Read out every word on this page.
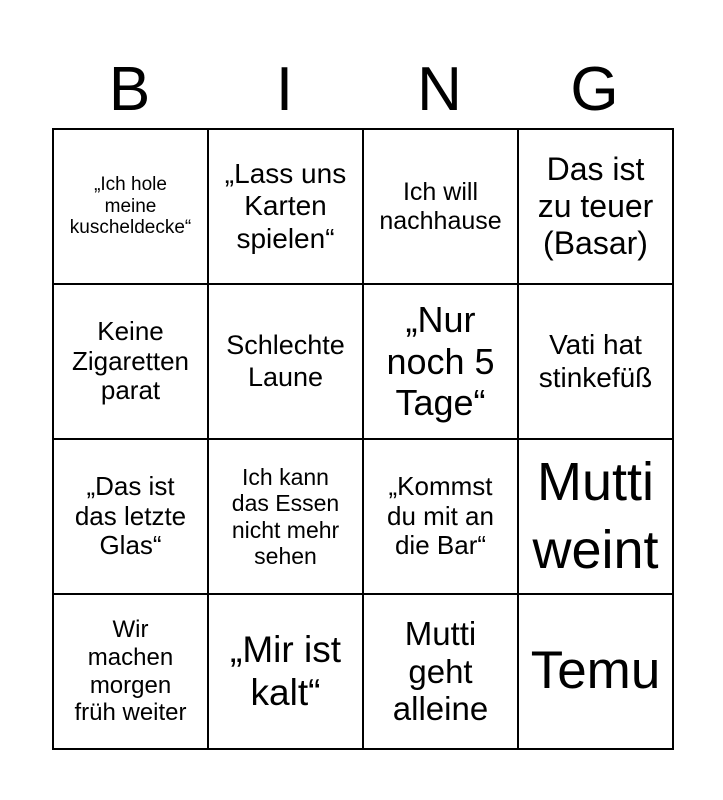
B	I	N	G
„Ich hole
meine
kuscheldecke“	„Lass uns
Karten
spielen“	Ich will
nachhause	Das ist
zu teuer
(Basar)
Keine
Zigaretten
parat	Schlechte
Laune	„Nur
noch 5
Tage“	Vati hat
stinkefüß
„Das ist
das letzte
Glas“	Ich kann
das Essen
nicht mehr
sehen	„Kommst
du mit an
die Bar“	Mutti
weint
Wir
machen
morgen
früh weiter	„Mir ist
kalt“	Mutti
geht
alleine	Temu
